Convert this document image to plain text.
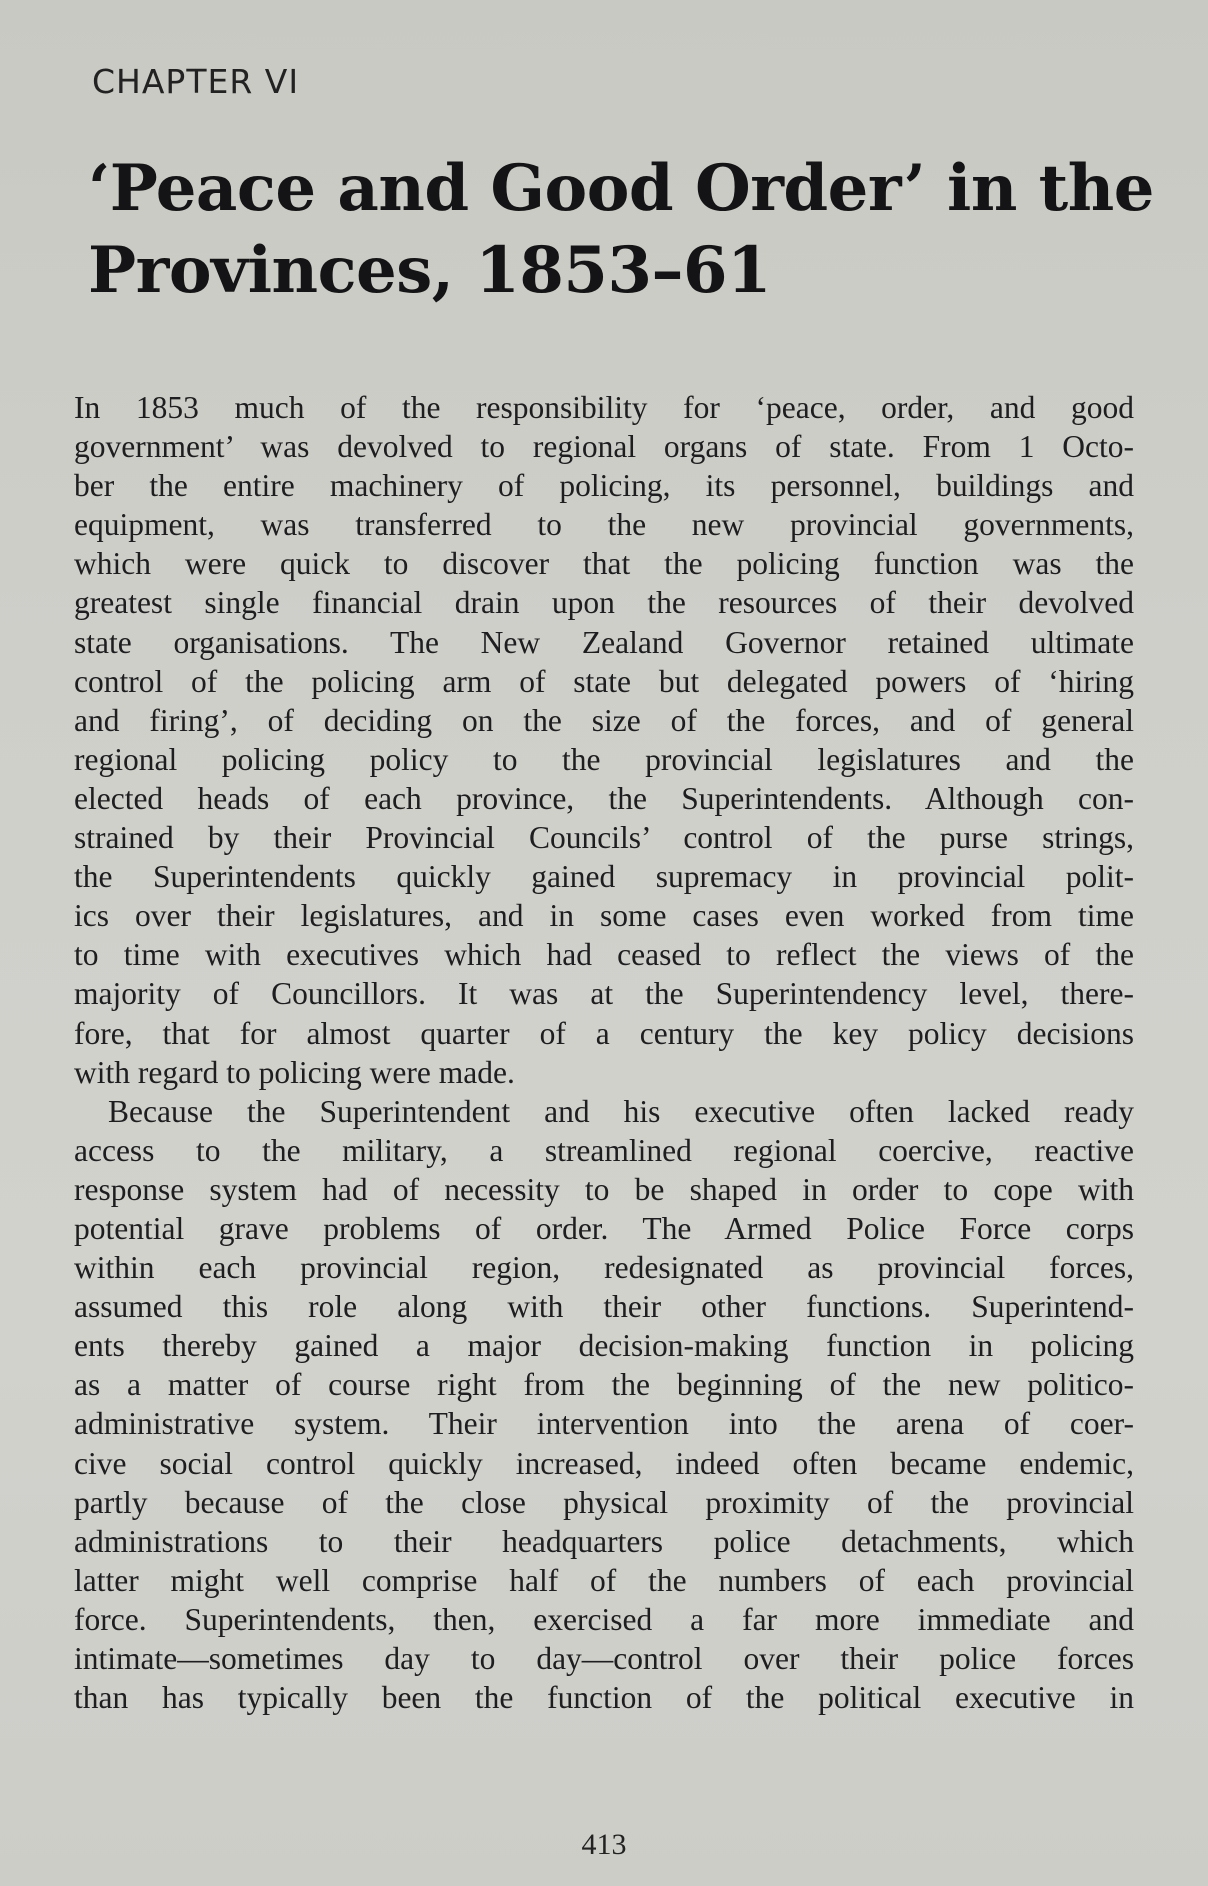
CHAPTER VI
‘Peace and Good Order’ in the
Provinces, 1853–61
In 1853 much of the responsibility for ‘peace, order, and good
government’ was devolved to regional organs of state. From 1 Octo-
ber the entire machinery of policing, its personnel, buildings and
equipment, was transferred to the new provincial governments,
which were quick to discover that the policing function was the
greatest single financial drain upon the resources of their devolved
state organisations. The New Zealand Governor retained ultimate
control of the policing arm of state but delegated powers of ‘hiring
and firing’, of deciding on the size of the forces, and of general
regional policing policy to the provincial legislatures and the
elected heads of each province, the Superintendents. Although con-
strained by their Provincial Councils’ control of the purse strings,
the Superintendents quickly gained supremacy in provincial polit-
ics over their legislatures, and in some cases even worked from time
to time with executives which had ceased to reflect the views of the
majority of Councillors. It was at the Superintendency level, there-
fore, that for almost quarter of a century the key policy decisions
with regard to policing were made.
Because the Superintendent and his executive often lacked ready
access to the military, a streamlined regional coercive, reactive
response system had of necessity to be shaped in order to cope with
potential grave problems of order. The Armed Police Force corps
within each provincial region, redesignated as provincial forces,
assumed this role along with their other functions. Superintend-
ents thereby gained a major decision-making function in policing
as a matter of course right from the beginning of the new politico-
administrative system. Their intervention into the arena of coer-
cive social control quickly increased, indeed often became endemic,
partly because of the close physical proximity of the provincial
administrations to their headquarters police detachments, which
latter might well comprise half of the numbers of each provincial
force. Superintendents, then, exercised a far more immediate and
intimate—sometimes day to day—control over their police forces
than has typically been the function of the political executive in
413
